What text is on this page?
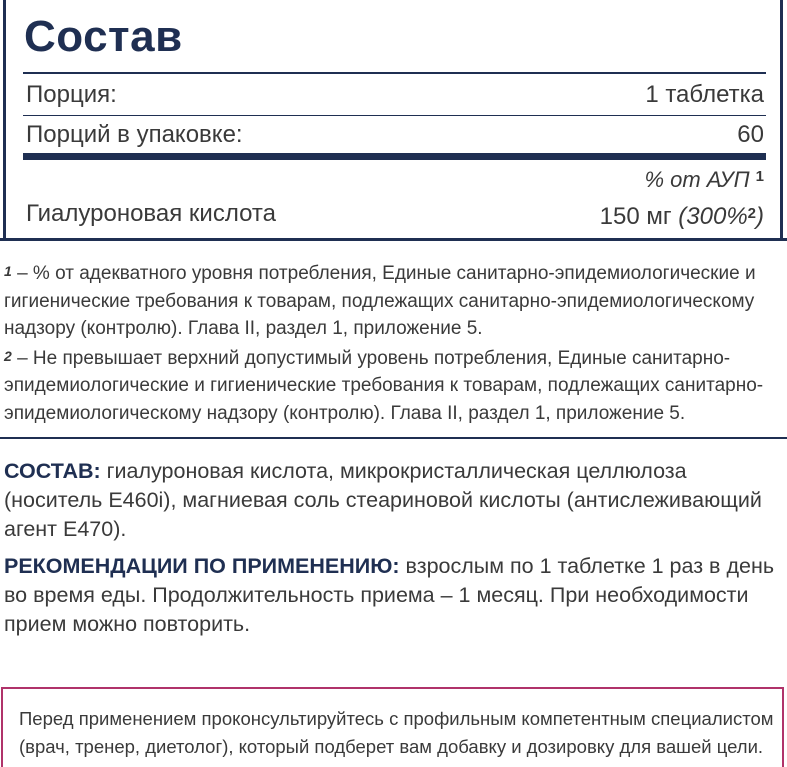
Состав
Порция:	1 таблетка
Порций в упаковке:	60
% от АУП $^1$
Гиалуроновая кислота	150 мг (300%$^2$)

1 – % от адекватного уровня потребления, Единые санитарно-эпидемиологические и гигиенические требования к товарам, подлежащих санитарно-эпидемиологическому надзору (контролю). Глава II, раздел 1, приложение 5.

2 – Не превышает верхний допустимый уровень потребления, Единые санитарно-эпидемиологические и гигиенические требования к товарам, подлежащих санитарно-эпидемиологическому надзору (контролю). Глава II, раздел 1, приложение 5.

СОСТАВ: гиалуроновая кислота, микрокристаллическая целлюлоза (носитель Е460i), магниевая соль стеариновой кислоты (антислеживающий агент Е470).

РЕКОМЕНДАЦИИ ПО ПРИМЕНЕНИЮ: взрослым по 1 таблетке 1 раз в день во время еды. Продолжительность приема – 1 месяц. При необходимости прием можно повторить.

Перед применением проконсультируйтесь с профильным компетентным специалистом (врач, тренер, диетолог), который подберет вам добавку и дозировку для вашей цели.
